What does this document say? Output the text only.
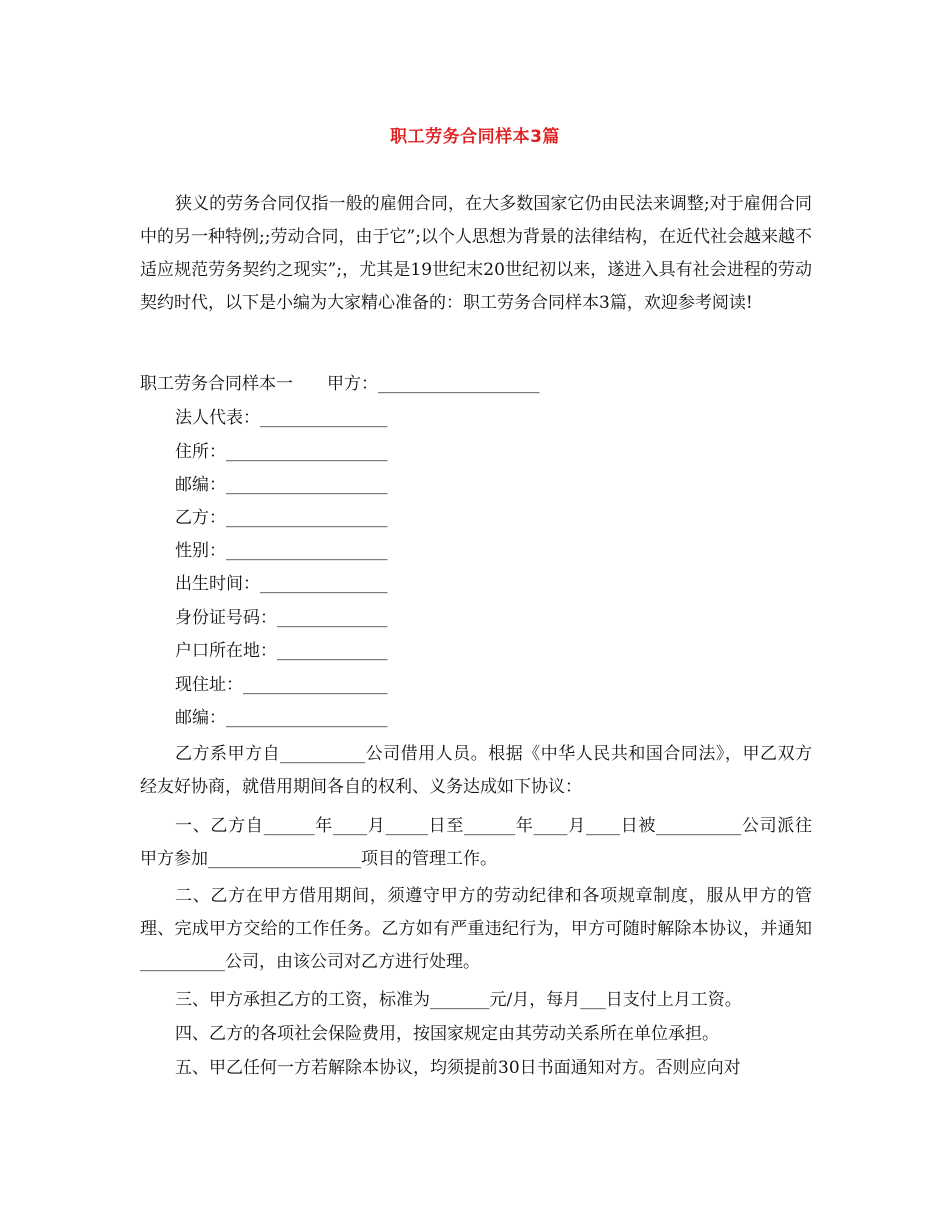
职工劳务合同样本3篇

狭义的劳务合同仅指一般的雇佣合同，在大多数国家它仍由民法来调整;对于雇佣合同中的另一种特例;;劳动合同，由于它”;以个人思想为背景的法律结构，在近代社会越来越不适应规范劳务契约之现实”;，尤其是19世纪末20世纪初以来，遂进入具有社会进程的劳动契约时代，以下是小编为大家精心准备的：职工劳务合同样本3篇，欢迎参考阅读!

职工劳务合同样本一　　甲方：___________________

法人代表：_______________

住所：___________________

邮编：___________________

乙方：___________________

性别：___________________

出生时间：_______________

身份证号码：_____________

户口所在地：_____________

现住址：_________________

邮编：___________________

乙方系甲方自__________公司借用人员。根据《中华人民共和国合同法》，甲乙双方经友好协商，就借用期间各自的权利、义务达成如下协议：

一、乙方自______年____月_____日至______年____月____日被__________公司派往甲方参加__________________项目的管理工作。

二、乙方在甲方借用期间，须遵守甲方的劳动纪律和各项规章制度，服从甲方的管理、完成甲方交给的工作任务。乙方如有严重违纪行为，甲方可随时解除本协议，并通知__________公司，由该公司对乙方进行处理。

三、甲方承担乙方的工资，标准为_______元/月，每月___日支付上月工资。

四、乙方的各项社会保险费用，按国家规定由其劳动关系所在单位承担。

五、甲乙任何一方若解除本协议，均须提前30日书面通知对方。否则应向对
